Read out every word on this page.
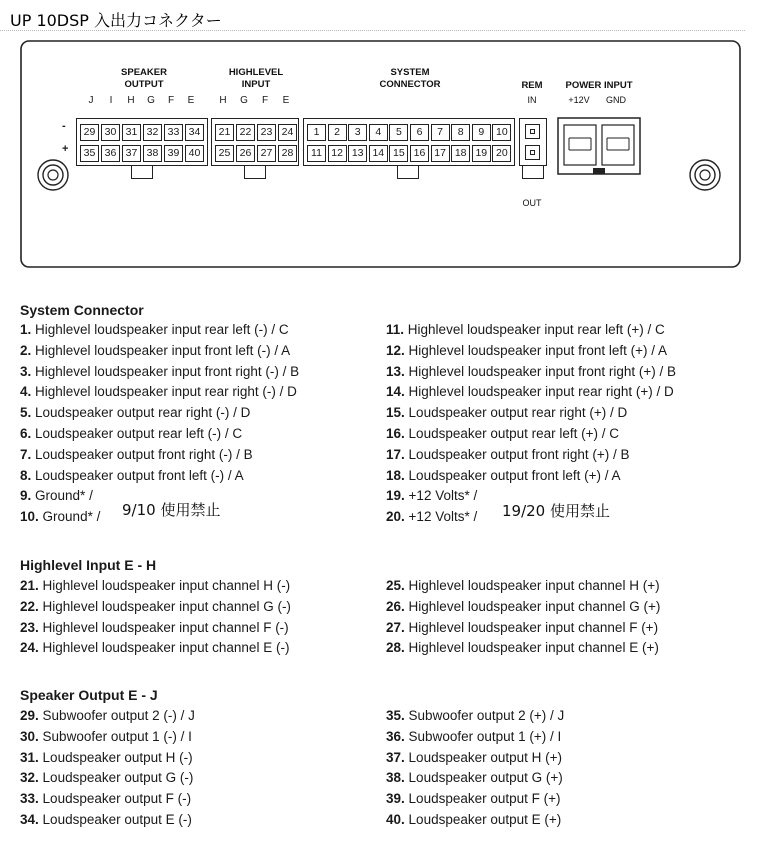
UP 10DSP 入出力コネクター
-
+
SPEAKER
OUTPUT
HIGHLEVEL
INPUT
SYSTEM
CONNECTOR	REM
IN
OUT
POWER INPUT
+12V	GND
J	I	H	G	F	E	H	G	F	E
29 30 31 32 33 34
35 36 37 38 39 40
21 22 23 24
25 26 27 28
1	2	3	4	5	6	7	8	9	10
11 12 13 14 15 16 17 18 19 20
System Connector
1. Highlevel loudspeaker input rear left (-) / C
2. Highlevel loudspeaker input front left (-) / A
3. Highlevel loudspeaker input front right (-) / B
4. Highlevel loudspeaker input rear right (-) / D
5. Loudspeaker output rear right (-) / D
6. Loudspeaker output rear left (-) / C
7. Loudspeaker output front right (-) / B
8. Loudspeaker output front left (-) / A
9. Ground* /
10. Ground* /
11. Highlevel loudspeaker input rear left (+) / C
12. Highlevel loudspeaker input front left (+) / A
13. Highlevel loudspeaker input front right (+) / B
14. Highlevel loudspeaker input rear right (+) / D
15. Loudspeaker output rear right (+) / D
16. Loudspeaker output rear left (+) / C
17. Loudspeaker output front right (+) / B
18. Loudspeaker output front left (+) / A
19. +12 Volts* /
20. +12 Volts* /
9/10 使用禁止	19/20 使用禁止
Highlevel Input E - H
21. Highlevel loudspeaker input channel H (-)
22. Highlevel loudspeaker input channel G (-)
23. Highlevel loudspeaker input channel F (-)
24. Highlevel loudspeaker input channel E (-)
25. Highlevel loudspeaker input channel H (+)
26. Highlevel loudspeaker input channel G (+)
27. Highlevel loudspeaker input channel F (+)
28. Highlevel loudspeaker input channel E (+)
Speaker Output E - J
29. Subwoofer output 2 (-) / J
30. Subwoofer output 1 (-) / I
31. Loudspeaker output H (-)
32. Loudspeaker output G (-)
33. Loudspeaker output F (-)
34. Loudspeaker output E (-)
35. Subwoofer output 2 (+) / J
36. Subwoofer output 1 (+) / I
37. Loudspeaker output H (+)
38. Loudspeaker output G (+)
39. Loudspeaker output F (+)
40. Loudspeaker output E (+)
